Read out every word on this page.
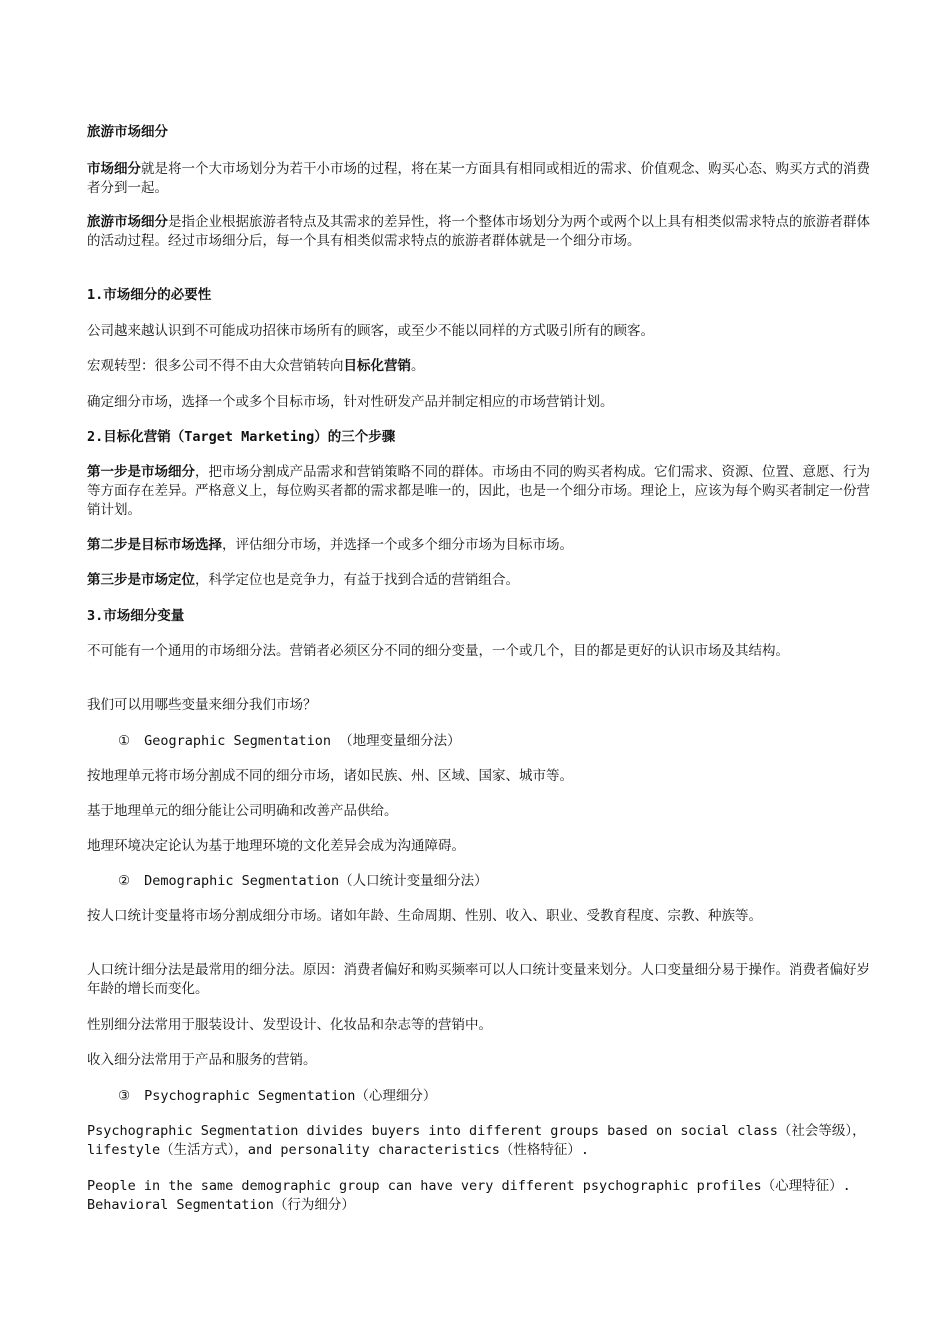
旅游市场细分

市场细分就是将一个大市场划分为若干小市场的过程，将在某一方面具有相同或相近的需求、价值观念、购买心态、购买方式的消费者分到一起。

旅游市场细分是指企业根据旅游者特点及其需求的差异性，将一个整体市场划分为两个或两个以上具有相类似需求特点的旅游者群体的活动过程。经过市场细分后，每一个具有相类似需求特点的旅游者群体就是一个细分市场。

1.市场细分的必要性

公司越来越认识到不可能成功招徕市场所有的顾客，或至少不能以同样的方式吸引所有的顾客。

宏观转型：很多公司不得不由大众营销转向目标化营销。

确定细分市场，选择一个或多个目标市场，针对性研发产品并制定相应的市场营销计划。

2.目标化营销（Target Marketing）的三个步骤

第一步是市场细分，把市场分割成产品需求和营销策略不同的群体。市场由不同的购买者构成。它们需求、资源、位置、意愿、行为等方面存在差异。严格意义上，每位购买者都的需求都是唯一的，因此，也是一个细分市场。理论上，应该为每个购买者制定一份营销计划。

第二步是目标市场选择，评估细分市场，并选择一个或多个细分市场为目标市场。

第三步是市场定位，科学定位也是竞争力，有益于找到合适的营销组合。

3.市场细分变量

不可能有一个通用的市场细分法。营销者必须区分不同的细分变量，一个或几个，目的都是更好的认识市场及其结构。

我们可以用哪些变量来细分我们市场？

① Geographic Segmentation （地理变量细分法）

按地理单元将市场分割成不同的细分市场，诸如民族、州、区域、国家、城市等。

基于地理单元的细分能让公司明确和改善产品供给。

地理环境决定论认为基于地理环境的文化差异会成为沟通障碍。

② Demographic Segmentation（人口统计变量细分法）

按人口统计变量将市场分割成细分市场。诸如年龄、生命周期、性别、收入、职业、受教育程度、宗教、种族等。

人口统计细分法是最常用的细分法。原因：消费者偏好和购买频率可以人口统计变量来划分。人口变量细分易于操作。消费者偏好岁年龄的增长而变化。

性别细分法常用于服装设计、发型设计、化妆品和杂志等的营销中。

收入细分法常用于产品和服务的营销。

③ Psychographic Segmentation（心理细分）

Psychographic Segmentation divides buyers into different groups based on social class（社会等级），lifestyle（生活方式），and personality characteristics（性格特征）.

People in the same demographic group can have very different psychographic profiles（心理特征）. Behavioral Segmentation（行为细分）
